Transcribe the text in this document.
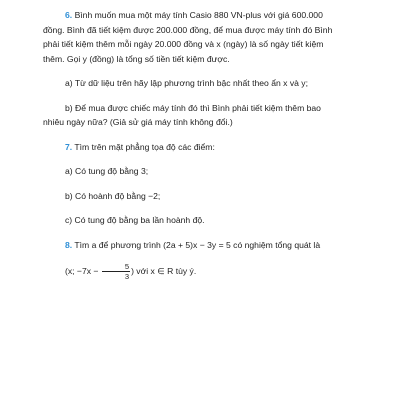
6. Bình muốn mua một máy tính Casio 880 VN-plus với giá 600.000

đồng. Bình đã tiết kiệm được 200.000 đồng, để mua được máy tính đó Bình

phải tiết kiệm thêm mỗi ngày 20.000 đồng và x (ngày) là số ngày tiết kiệm

thêm. Gọi y (đồng) là tổng số tiền tiết kiệm được.

a) Từ dữ liệu trên hãy lập phương trình bậc nhất theo ẩn x và y;

b) Để mua được chiếc máy tính đó thì Bình phải tiết kiệm thêm bao

nhiêu ngày nữa? (Giả sử giá máy tính không đổi.)

7. Tìm trên mặt phẳng tọa độ các điểm:

a) Có tung độ bằng 3;

b) Có hoành độ bằng −2;

c) Có tung độ bằng ba lần hoành độ.

8. Tìm a để phương trình (2a + 5)x − 3y = 5 có nghiệm tổng quát là

(x; $-7x - \frac{5}{3}$ ) với x ∈ R tùy ý.
